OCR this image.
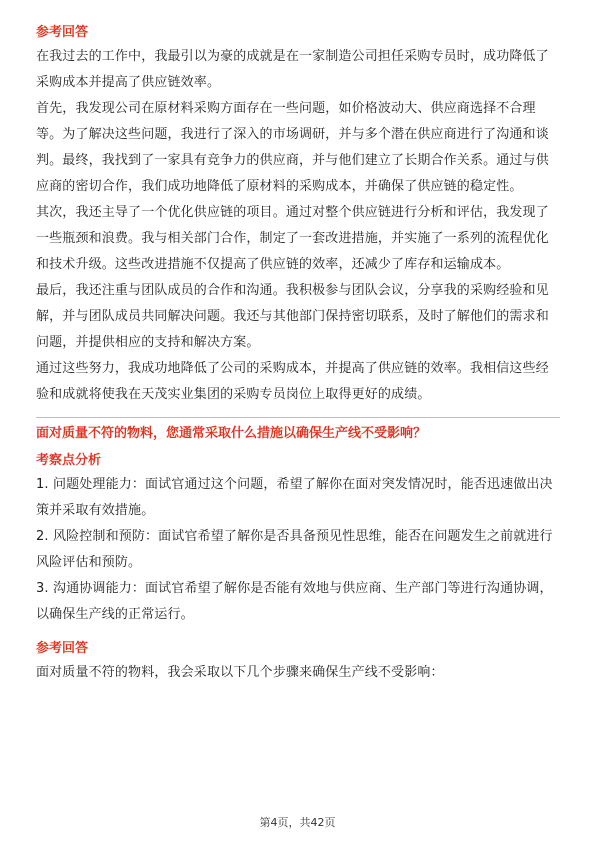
参考回答

在我过去的工作中，我最引以为豪的成就是在一家制造公司担任采购专员时，成功降低了采购成本并提高了供应链效率。

首先，我发现公司在原材料采购方面存在一些问题，如价格波动大、供应商选择不合理等。为了解决这些问题，我进行了深入的市场调研，并与多个潜在供应商进行了沟通和谈判。最终，我找到了一家具有竞争力的供应商，并与他们建立了长期合作关系。通过与供应商的密切合作，我们成功地降低了原材料的采购成本，并确保了供应链的稳定性。

其次，我还主导了一个优化供应链的项目。通过对整个供应链进行分析和评估，我发现了一些瓶颈和浪费。我与相关部门合作，制定了一套改进措施，并实施了一系列的流程优化和技术升级。这些改进措施不仅提高了供应链的效率，还减少了库存和运输成本。

最后，我还注重与团队成员的合作和沟通。我积极参与团队会议，分享我的采购经验和见解，并与团队成员共同解决问题。我还与其他部门保持密切联系，及时了解他们的需求和问题，并提供相应的支持和解决方案。

通过这些努力，我成功地降低了公司的采购成本，并提高了供应链的效率。我相信这些经验和成就将使我在天茂实业集团的采购专员岗位上取得更好的成绩。

面对质量不符的物料，您通常采取什么措施以确保生产线不受影响？

考察点分析

1. 问题处理能力：面试官通过这个问题，希望了解你在面对突发情况时，能否迅速做出决策并采取有效措施。

2. 风险控制和预防：面试官希望了解你是否具备预见性思维，能否在问题发生之前就进行风险评估和预防。

3. 沟通协调能力：面试官希望了解你是否能有效地与供应商、生产部门等进行沟通协调，以确保生产线的正常运行。

参考回答

面对质量不符的物料，我会采取以下几个步骤来确保生产线不受影响：

第4页，共42页
